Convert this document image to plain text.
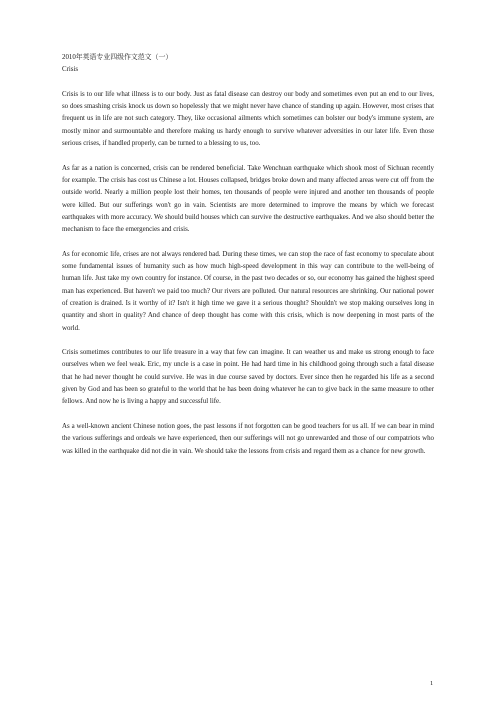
2010年英语专业四级作文范文（一）

Crisis

Crisis is to our life what illness is to our body. Just as fatal disease can destroy our body and sometimes even put an end to our lives, so does smashing crisis knock us down so hopelessly that we might never have chance of standing up again. However, most crises that frequent us in life are not such category. They, like occasional ailments which sometimes can bolster our body's immune system, are mostly minor and surmountable and therefore making us hardy enough to survive whatever adversities in our later life. Even those serious crises, if handled properly, can be turned to a blessing to us, too.

As far as a nation is concerned, crisis can be rendered beneficial. Take Wenchuan earthquake which shook most of Sichuan recently for example. The crisis has cost us Chinese a lot. Houses collapsed, bridges broke down and many affected areas were cut off from the outside world. Nearly a million people lost their homes, ten thousands of people were injured and another ten thousands of people were killed. But our sufferings won't go in vain. Scientists are more determined to improve the means by which we forecast earthquakes with more accuracy. We should build houses which can survive the destructive earthquakes. And we also should better the mechanism to face the emergencies and crisis.

As for economic life, crises are not always rendered bad. During these times, we can stop the race of fast economy to speculate about some fundamental issues of humanity such as how much high-speed development in this way can contribute to the well-being of human life. Just take my own country for instance. Of course, in the past two decades or so, our economy has gained the highest speed man has experienced. But haven't we paid too much? Our rivers are polluted. Our natural resources are shrinking. Our national power of creation is drained. Is it worthy of it? Isn't it high time we gave it a serious thought? Shouldn't we stop making ourselves long in quantity and short in quality? And chance of deep thought has come with this crisis, which is now deepening in most parts of the world.

Crisis sometimes contributes to our life treasure in a way that few can imagine. It can weather us and make us strong enough to face ourselves when we feel weak. Eric, my uncle is a case in point. He had hard time in his childhood going through such a fatal disease that he had never thought he could survive. He was in due course saved by doctors. Ever since then he regarded his life as a second given by God and has been so grateful to the world that he has been doing whatever he can to give back in the same measure to other fellows. And now he is living a happy and successful life.

As a well-known ancient Chinese notion goes, the past lessons if not forgotten can be good teachers for us all. If we can bear in mind the various sufferings and ordeals we have experienced, then our sufferings will not go unrewarded and those of our compatriots who was killed in the earthquake did not die in vain. We should take the lessons from crisis and regard them as a chance for new growth.

1
